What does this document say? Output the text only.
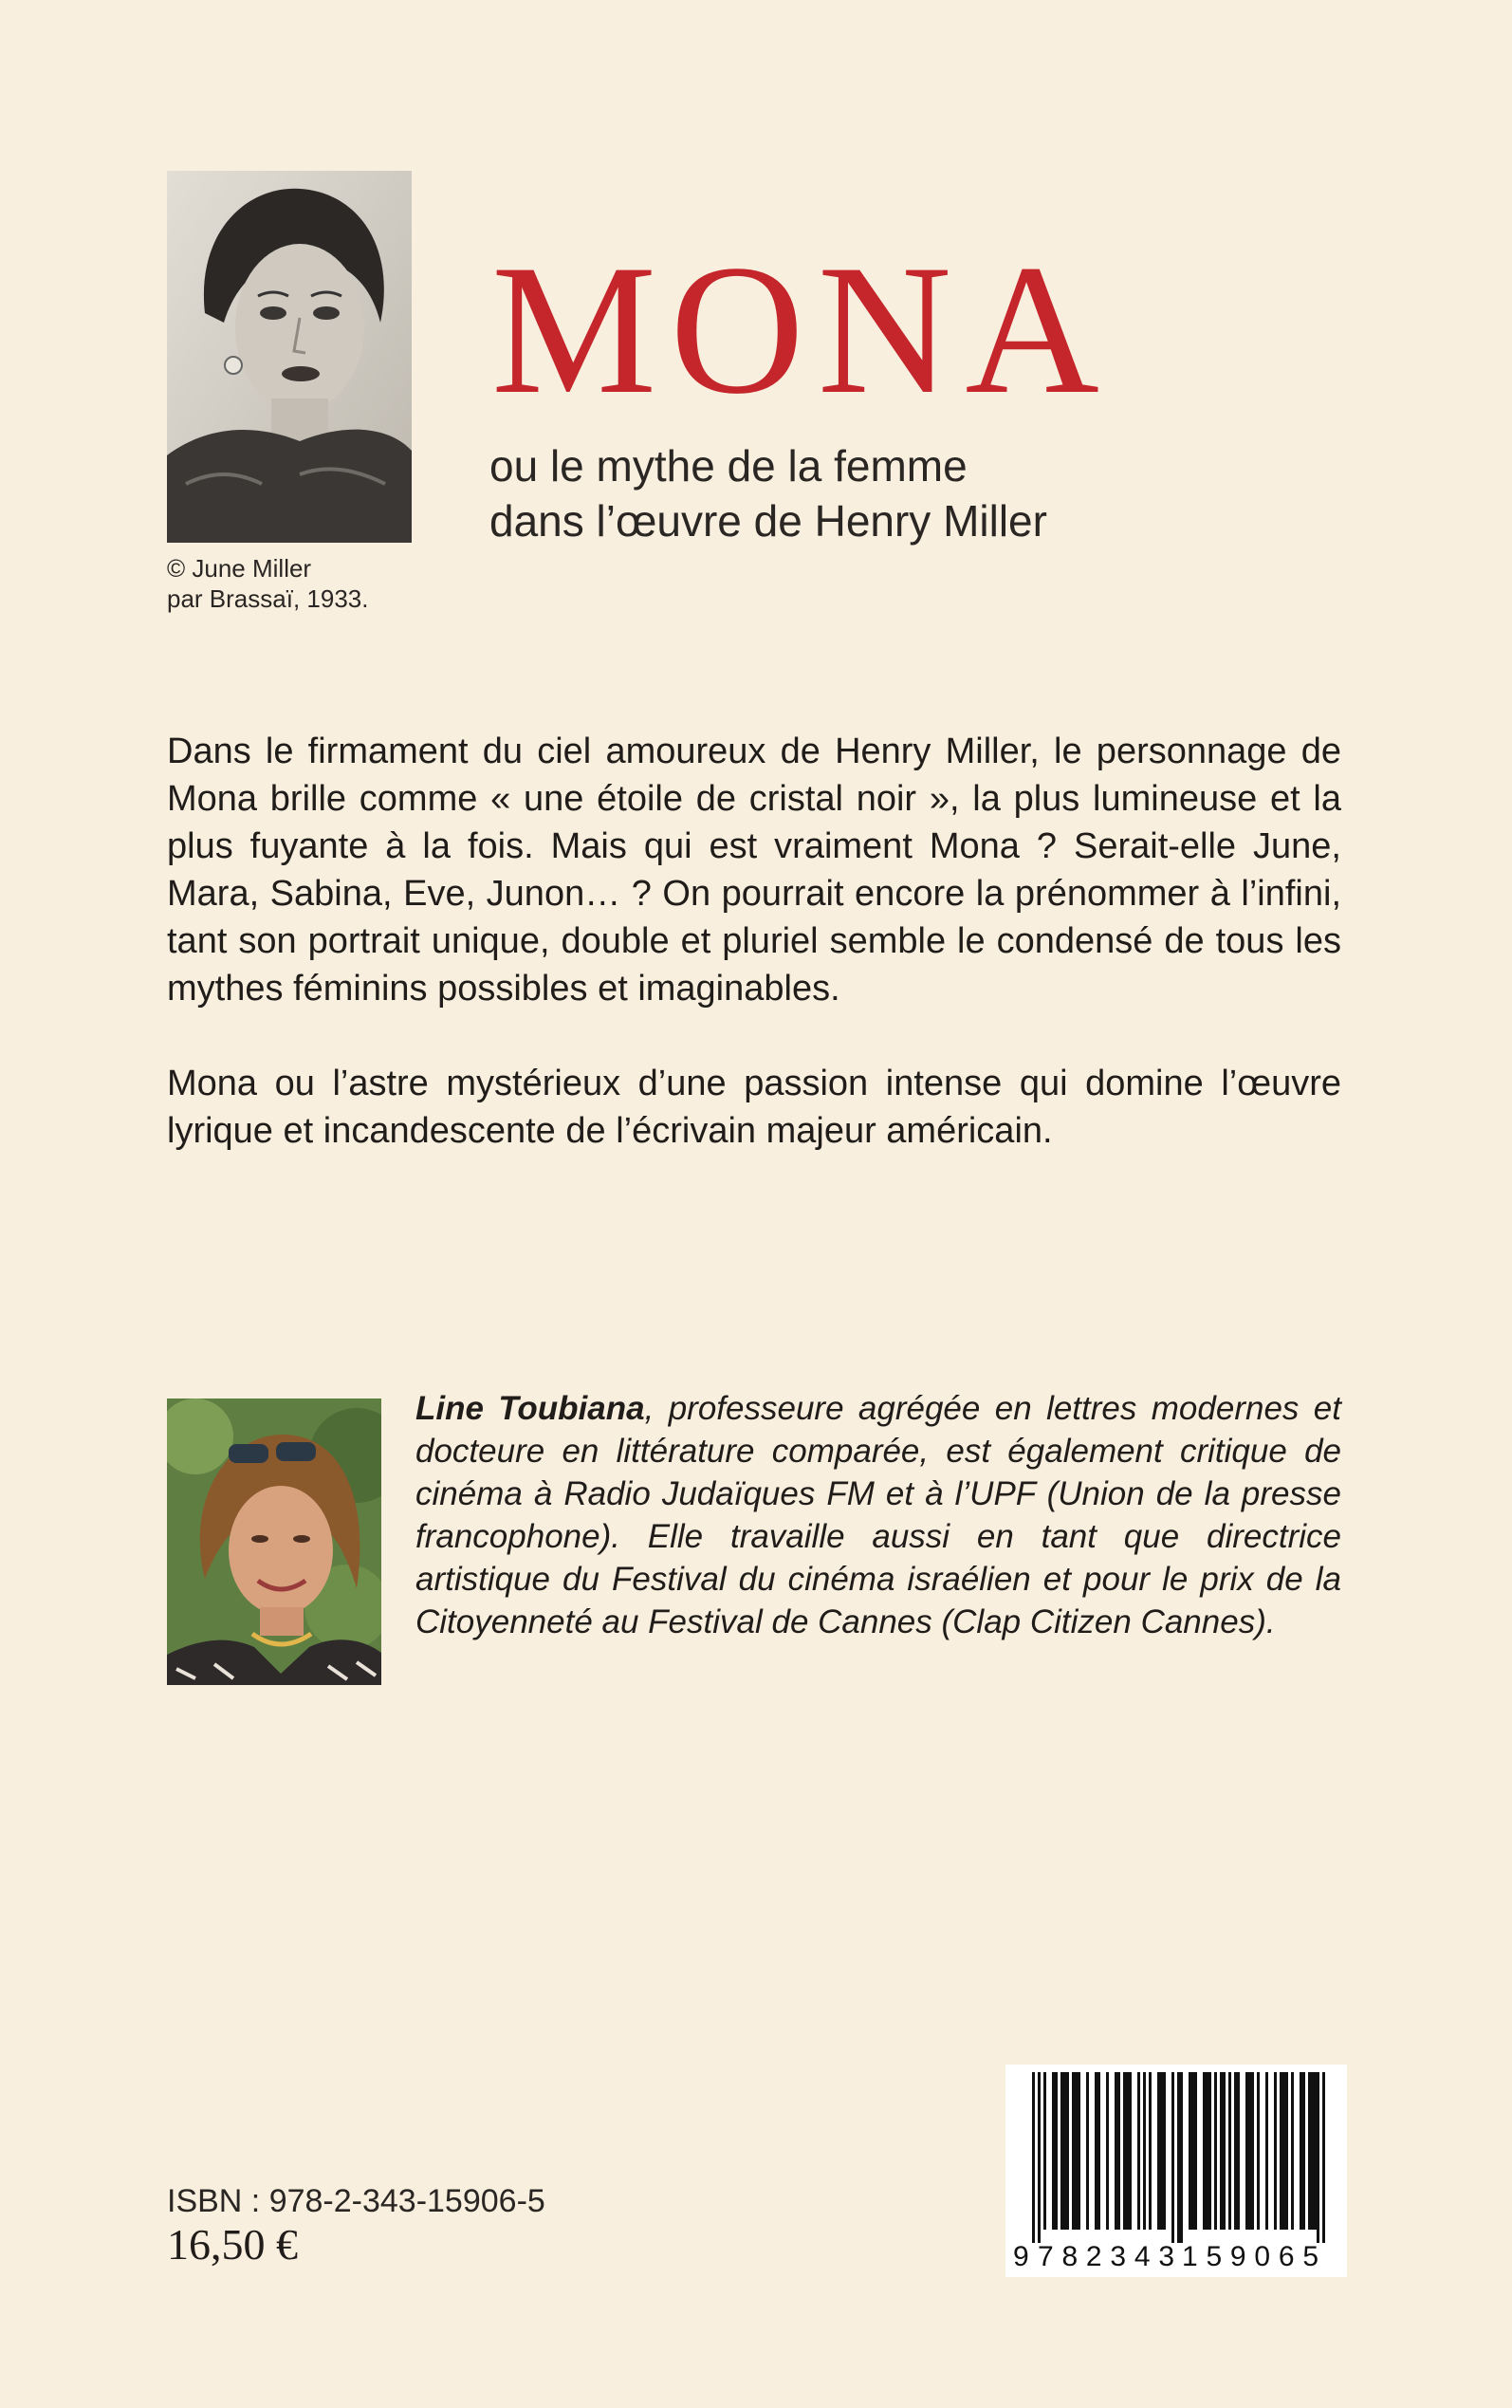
© June Miller
par Brassaï, 1933.
MONA
ou le mythe de la femme
dans l’œuvre de Henry Miller

Dans le firmament du ciel amoureux de Henry Miller, le personnage de Mona brille comme « une étoile de cristal noir », la plus lumineuse et la plus fuyante à la fois. Mais qui est vraiment Mona ? Serait-elle June, Mara, Sabina, Eve, Junon… ? On pourrait encore la prénommer à l’infini, tant son portrait unique, double et pluriel semble le condensé de tous les mythes féminins possibles et imaginables.

Mona ou l’astre mystérieux d’une passion intense qui domine l’œuvre lyrique et incandescente de l’écrivain majeur américain.

Line Toubiana, professeure agrégée en lettres modernes et docteure en littérature comparée, est également critique de cinéma à Radio Judaïques FM et à l’UPF (Union de la presse francophone). Elle travaille aussi en tant que directrice artistique du Festival du cinéma israélien et pour le prix de la Citoyenneté au Festival de Cannes (Clap Citizen Cannes).
ISBN : 978-2-343-15906-5
16,50 €	9 782343 159065
